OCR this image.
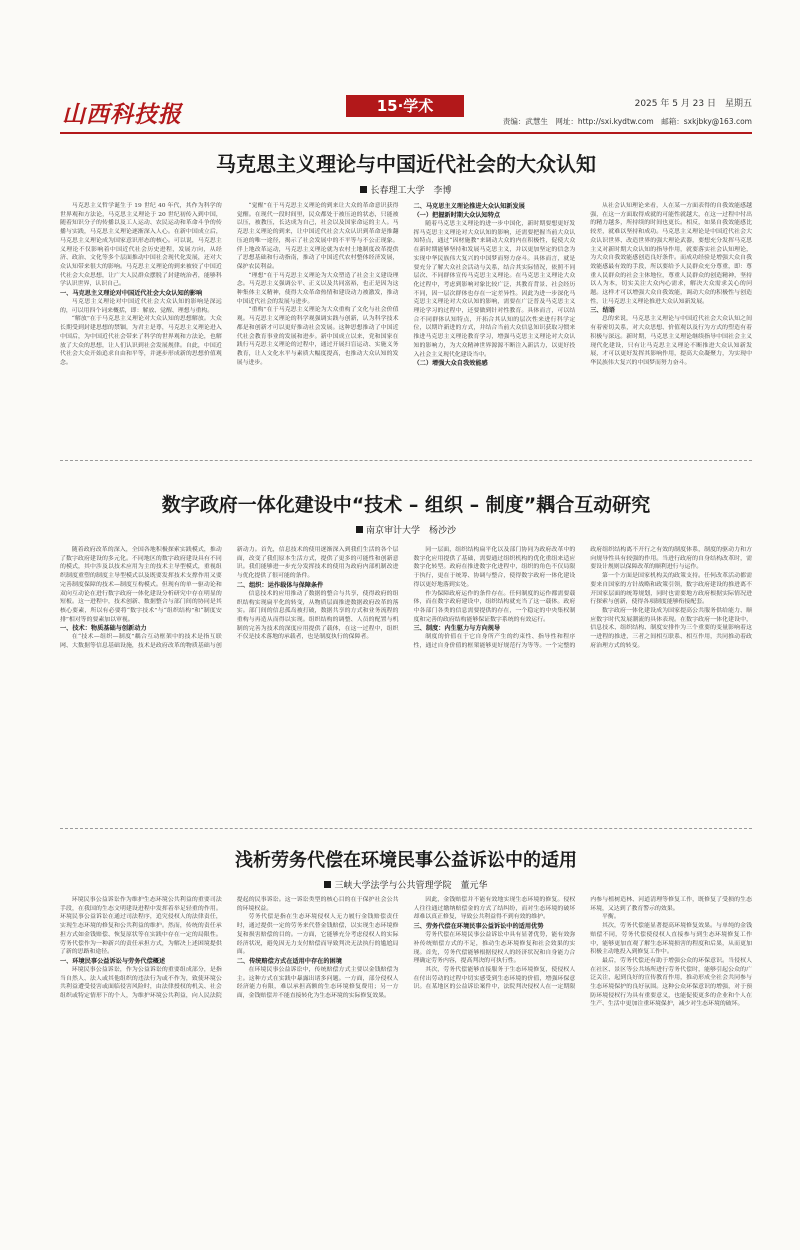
山西科技报	15·学术	2025 年 5 月 23 日　星期五
责编：武慧生　网址：http://sxi.kydtw.com　邮箱：sxkjbky@163.com
马克思主义理论与中国近代社会的大众认知
长春理工大学　李博

马克思主义哲学诞生于 19 世纪 40 年代，其作为科学的世界观和方法论，马克思主义理论于 20 世纪初传入到中国，随着知识分子的传播以及工人运动、农民运动和革命斗争的传播与实践，马克思主义理论逐渐深入人心。在新中国成立后，马克思主义理论成为国家意识形态的核心。可以说，马克思主义理论不仅影响着中国近代社会历史进程，发展方向，从经济、政治、文化等多个层面推动中国社会现代化发展，还对大众认知带来很大的影响。马克思主义理论的到来被较了中国近代社会大众思想，让广大人民群众摆脱了封建统治者，能够科学认识世界，认识自己。

一、马克思主义理论对中国近代社会大众认知的影响

马克思主义理论对中国近代社会大众认知的影响是深远的，可以用四个词来概括，即：解放、觉醒、理想与重构。

“解放”在于马克思主义理论对大众认知的思想解放。大众长期受到封建思想的禁锢，为君主是尊，马克思主义理论进入中国后，为中国近代社会带来了科学的世界观和方法论，也解放了大众的思想，让人们认识到社会发展规律。自此，中国近代社会大众开始追求自由和平等，并逐步形成新的思想价值观念。

“觉醒”在于马克思主义理论的到来让大众的革命意识获得觉醒。在现代一段时间里，民众都处于被压迫的状态，只能被以压，被教压，长达成为自己，社会以及国家命运的主人。马克思主义理论的到来，让中国近代社会大众认识到革命是推翻压迫的唯一途径，揭示了社会发展中的不平等与不公正现象。伴上地改革运动，马克思主义理论就为农村土地制度改革提供了思想基础和行动指南，推动了中国近代农村整体经济发展，保护农民利益。

“理想”在于马克思主义理论为大众塑造了社会主义建设理念。马克思主义强调公平、正义以及共同富裕，也正是因为这种集体主义精神，使得大众革命热情和建设动力被激发，推动中国近代社会的发展与进步。

“重构”在于马克思主义理论为大众重构了文化与社会价值观。马克思主义理论的科学观强调实践与创新，认为科学技术都是和创新才可以更好推动社会发展。这种思想推动了中国近代社会教育事业的发展和进步。新中国成立以来，党和国家在践行马克思主义理论的过程中，通过开展扫盲运动、实施义务教育，让人文化水平与素质大幅度提高，也推动大众认知的发展与进步。

二、马克思主义理论推进大众认知新发展
（一）把握新时期大众认知特点

随着马克思主义理论的进一步中国化，新时期要想更好发挥马克思主义理论对大众认知的影响，还需要把握当前大众认知特点，通过“因材施教”来调动大众的内在积极性，促使大众在新时期能够坚持和发展马克思主义，并以更加坚定的信念为实现中华民族伟大复兴的中国梦而努力奋斗。具体而言，就是要充分了解大众社会活动与关系，结合其实际情况，依照不同层次、不同群体宣传马克思主义理论。在马克思主义理论大众化过程中，考虑到影响对象比较广泛，其教育背景、社会经历不同，因一层次群体也存在一定差异性。因此为进一步深化马克思主义理论对大众认知的影响，需要在广泛普及马克思主义理论学习的过程中，还要做到针对性教育。具体而言，可以结合不同群体认知特点，开拓合其认知的层次性来进行科学定位，以期许新进的方式，并结合当前大众信息知识获取习惯来推进马克思主义理论教育学习，增强马克思主义理论对大众认知的影响力，为大众精神世界源源不断注入新活力，以更好投入社会主义现代化建设当中。

（二）增强大众自我效能感

从社会认知理论来看，人在某一方面表得的自我效能感越强，在这一方面取得成就的可能性就越大，在这一过程中付出的精力越多，所持续的时间也更长。相反，如果自我效能感比较差，就难以坚持和成功。马克思主义理论是中国近代社会大众认识世界、改造世界的强大理论武器，要想充分发挥马克思主义对新时期大众认知的指导作用，就要落实社会认知理论，为大众自我效能感创造良好条件。而成功经验是增强大众自我效能感最有效的手段，所以要给予人民群众充分尊重，即：尊重人民群众的社会主体地位，尊重人民群众的创造精神，坚持以人为本，切实关注大众内心需求，解决大众需求关心的问题。这样才可以增强大众自我效能，调动大众的积极性与创造性，让马克思主义理论推进大众认知新发展。

三、结语

总的来说，马克思主义理论与中国近代社会大众认知之间有着密切关系，对大众思想、价值观以及行为方式的塑造有着积极与深远。新时期，马克思主义理论继续指导中国社会主义现代化建设，只有让马克思主义理论不断推进大众认知新发展，才可以更好发挥其影响作用，提高大众凝聚力，为实现中华民族伟大复兴的中国梦而努力奋斗。

数字政府一体化建设中“技术 – 组织 – 制度”耦合互动研究
南京审计大学　杨沙沙

随着政府改革的深入，全国各地积极探索实践模式，推动了数字政府建设的多元化。不同地区的数字政府建设具有不同的模式，其中涉及以技术应用为主的技术主导型模式，重视组织制度重塑的制度主导型模式以及既要发挥技术支撑作用又要完善制度保障的技术—制度互构模式。但现有的单一驱动论和双向互动论在进行数字政府一体化建设分析研究中存在明显的短板。这一进程中，技术创新、数据整合与部门间的协同是其核心要素，所以有必要将“数字技术”与“组织结构”和“制度安排”相对等的要素加以审视。

一、技术：物质基础与创新动力

在“技术—组织—制度”耦合互动框架中的技术是指互联网、大数据等信息基础设施，技术是政府改革的物质基础与创新动力。首先，信息技术的使用逐渐深入到我们生活的各个层面，改变了我们原本生活方式，提供了更多的可能性和创新意识。我们能够进一步充分发挥技术的使用为政府内部机制改进与优化提供了很可能的条件。

二、组织：运作载体与保障条件

信息技术的应用推动了数据的整合与共享，使得政府的组织结构实现扁平化的转变，从物质层面推进数据政府改革的落实。部门间的信息孤岛被打破，数据共享的方式和业务流程的重构与再造从而得以实现。组织结构的调整、人员的配置与机制的完善为技术的深度应用提供了载体，在这一过程中，组织不仅是技术落地的承载者，也是制度执行的保障者。

同一层面，组织结构扁平化以及部门协同为政府改革中的数字化应用提供了基础，需要通过组织机构的优化重组来适应数字化转型。政府在推进数字化进程中，组织的角色不仅局限于执行，更在于统筹、协调与整合，使得数字政府一体化建设得以更好地落到实处。

作为保障政府运作的条件存在。任何制度的运作都需要载体，而在数字政府建设中，组织结构就充当了这一载体。政府中各部门各类的信息需要提供的存在，一个稳定的中央集权制度和完善的政府结构能够保证数字系统的有效运行。

三、制度：内生驱力与方向规导

制度的价值在于它自身所产生的约束性、指导性和程序性，通过自身价值的框架能够更好规范行为等等。一个完整的政府组织结构离不开行之有效的制度体系，制度的驱动力和方向规导性具有较强的作用。当进行政府的自身结构改革时，需要设计规则以保障改革的顺利进行与运作。

第一个方面是国家机构关的政策支持。任何改革活动都需要来自国家的方针战略和政策引领，数字政府建设的推进离不开国家层面的统筹规划，同时也需要地方政府根据实际情况进行探索与创新，使得各项制度能够衔接配套。

数字政府一体化建设成为国家提高公共服务供给能力、顺应数字时代发展潮流的具体表现。在数字政府一体化建设中，信息技术、组织结构、制度安排作为三个重要的变量影响着这一进程的推进，三者之间相互联系、相互作用，共同推动着政府治理方式的转变。

浅析劳务代偿在环境民事公益诉讼中的适用
三峡大学法学与公共管理学院　董元华

环境民事公益诉讼作为维护生态环境公共利益的重要司法手段，在我国的生态文明建设进程中发挥着举足轻重的作用。环境民事公益诉讼在通过司法程序，追究侵权人的法律责任，实现生态环境的修复和公共利益的维护。然而，传统的责任承担方式如金钱赔偿、恢复原状等在实践中存在一定的局限性。劳务代偿作为一种新兴的责任承担方式，为解决上述困境提供了新的思路和途径。

一、环境民事公益诉讼与劳务代偿概述

环境民事公益诉讼，作为公益诉讼的重要组成部分，是指当自然人、法人或其他组织的违法行为或不作为，致使环境公共利益遭受侵害或面临侵害风险时，由法律授权的机关、社会组织或特定情形下的个人，为维护环境公共利益，向人民法院提起的民事诉讼。这一诉讼类型的核心目的在于保护社会公共的环境权益。

劳务代偿是指在生态环境侵权人无力履行金钱赔偿责任时，通过提供一定的劳务来代替金钱赔偿，以实现生态环境修复和损害赔偿的目的。一方面，它能够充分考虑侵权人的实际经济状况，避免因无力支付赔偿而导致判决无法执行的尴尬局面。

二、传统赔偿方式在适用中存在的困境

在环境民事公益诉讼中，传统赔偿方式主要以金钱赔偿为主。这种方式在实践中暴露出诸多问题。一方面，部分侵权人经济能力有限，难以承担高额的生态环境修复费用；另一方面，金钱赔偿并不能直接转化为生态环境的实际修复效果。

因此，金钱赔偿并不能有效地实现生态环境的修复。侵权人往往通过缴纳赔偿金的方式了结纠纷，而对生态环境的破坏却难以真正修复，导致公共利益得不到有效的维护。

三、劳务代偿在环境民事公益诉讼中的适用优势

劳务代偿在环境民事公益诉讼中具有显著优势，能有效弥补传统赔偿方式的不足，推动生态环境修复和社会效果的实现。首先，劳务代偿能够根据侵权人的经济状况和自身能力合理确定劳务内容，提高判决的可执行性。

其次，劳务代偿能够直接服务于生态环境修复，使侵权人在付出劳动的过程中切实感受到生态环境的价值，增强环保意识。在某地区的公益诉讼案件中，法院判决侵权人在一定期限内参与植树造林、河道清理等修复工作，既修复了受损的生态环境，又达到了教育警示的效果。

平衡。

其次，劳务代偿能显著提高环境修复效果。与单纯的金钱赔偿不同，劳务代偿使侵权人直接参与到生态环境修复工作中，能够更加直观了解生态环境损害的程度和后果，从而更加积极主动地投入到修复工作中。

最后，劳务代偿还有助于增强公众的环保意识。当侵权人在社区、景区等公共场所进行劳务代偿时，能够引起公众的广泛关注，起到良好的宣传教育作用，推动形成全社会共同参与生态环境保护的良好氛围。这种公众环保意识的增强，对于预防环境侵权行为具有重要意义，也能促使更多的企业和个人在生产、生活中更加注重环境保护，减少对生态环境的破坏。
